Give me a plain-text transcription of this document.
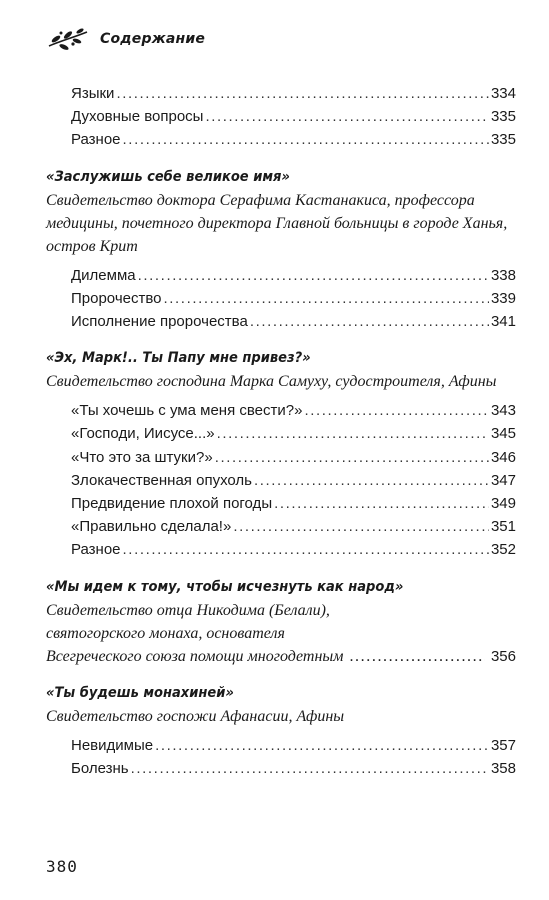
Содержание
Языки .....	334
Духовные вопросы .....	335
Разное .....	335
«Заслужишь себе великое имя»
Свидетельство доктора Серафима Кастанакиса, профессора медицины, почетного директора Главной больницы в городе Ханья, остров Крит
Дилемма .....	338
Пророчество .....	339
Исполнение пророчества .....	341
«Эх, Марк!.. Ты Папу мне привез?»
Свидетельство господина Марка Самуху, судостроителя, Афины
«Ты хочешь с ума меня свести?» .....	343
«Господи, Иисусе...» .....	345
«Что это за штуки?» .....	346
Злокачественная опухоль .....	347
Предвидение плохой погоды .....	349
«Правильно сделала!» .....	351
Разное .....	352
«Мы идем к тому, чтобы исчезнуть как народ»
Свидетельство отца Никодима (Белали),
святогорского монаха, основателя
Всегреческого союза помощи многодетным .....	356
«Ты будешь монахиней»
Свидетельство госпожи Афанасии, Афины
Невидимые .....	357
Болезнь .....	358
380
